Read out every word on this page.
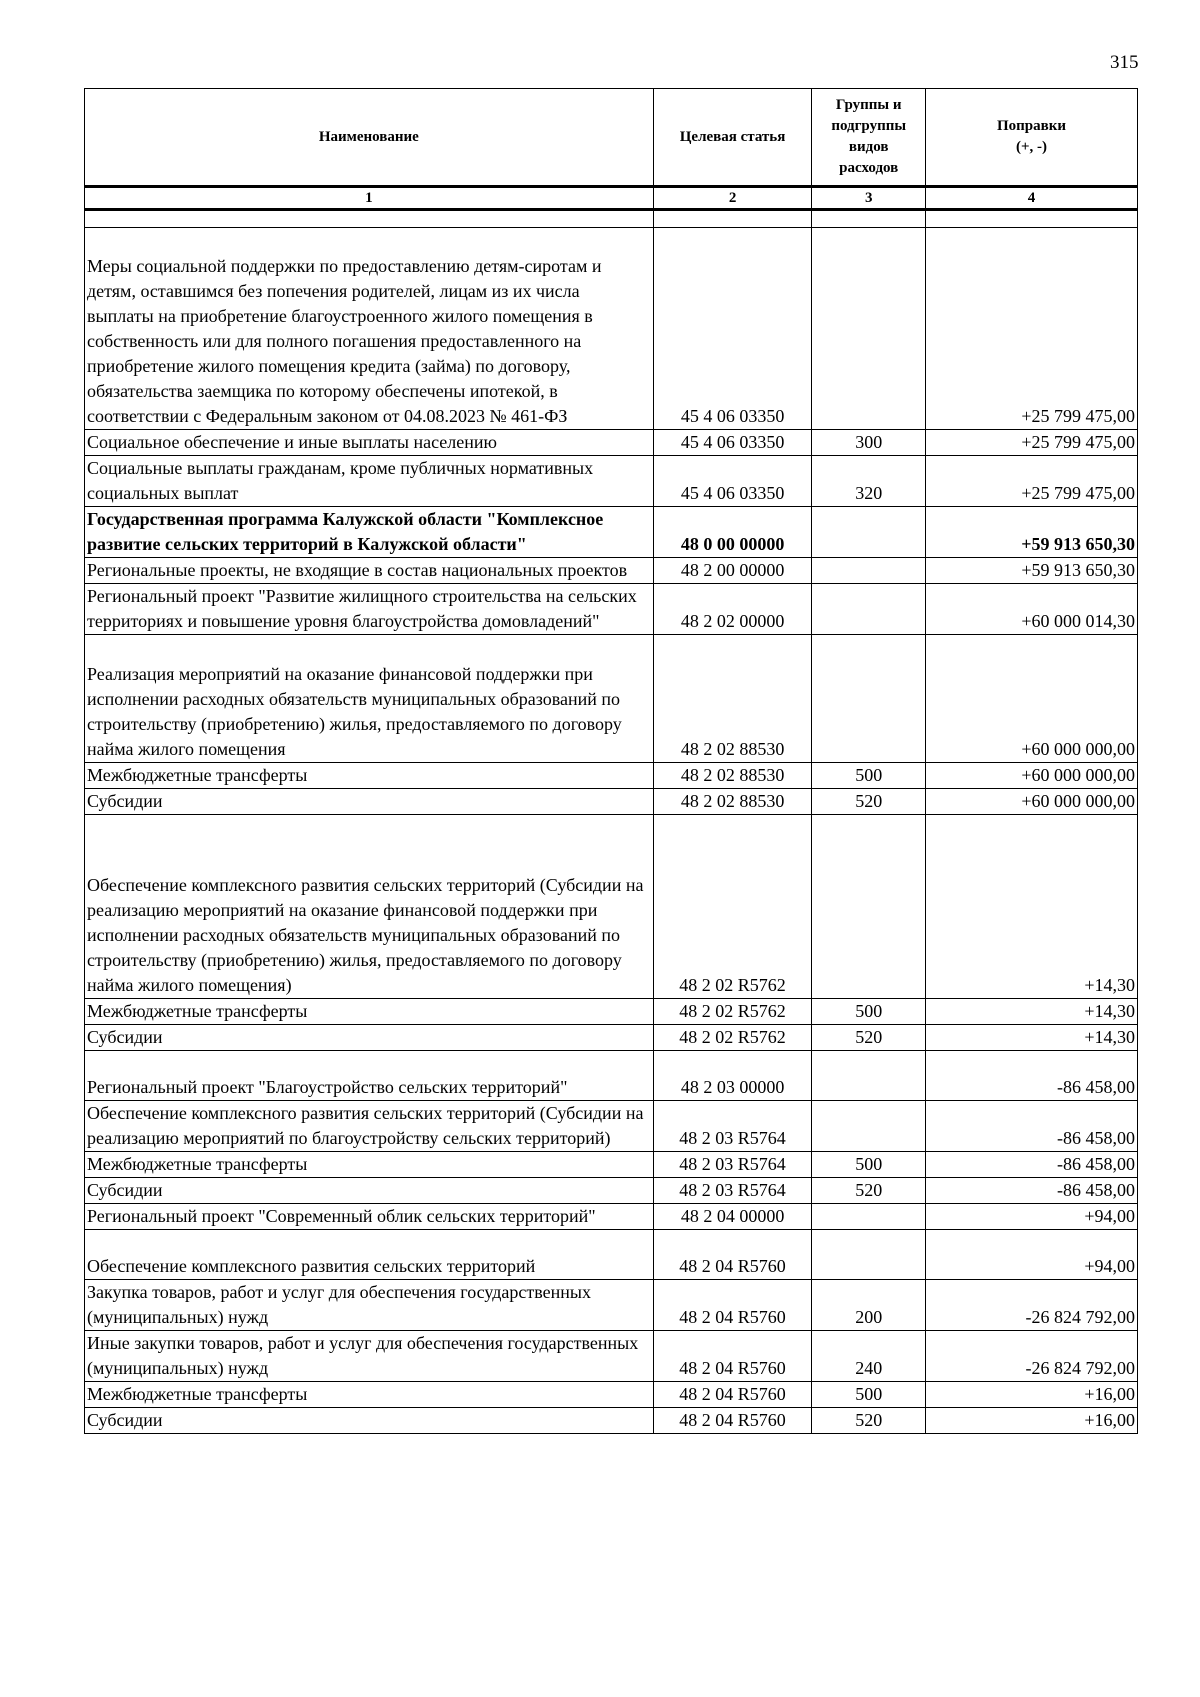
315
Наименование	Целевая статья	Группы и подгруппы видов расходов	Поправки
(+, -)

1	2	3	4

Меры социальной поддержки по предоставлению детям-сиротам и детям, оставшимся без попечения родителей, лицам из их числа выплаты на приобретение благоустроенного жилого помещения в собственность или для полного погашения предоставленного на приобретение жилого помещения кредита (займа) по договору, обязательства заемщика по которому обеспечены ипотекой, в соответствии с Федеральным законом от 04.08.2023 № 461-ФЗ	45 4 06 03350		+25 799 475,00
Социальное обеспечение и иные выплаты населению	45 4 06 03350	300	+25 799 475,00
Социальные выплаты гражданам, кроме публичных нормативных социальных выплат	45 4 06 03350	320	+25 799 475,00
Государственная программа Калужской области "Комплексное развитие сельских территорий в Калужской области"	48 0 00 00000		+59 913 650,30
Региональные проекты, не входящие в состав национальных проектов	48 2 00 00000		+59 913 650,30
Региональный проект "Развитие жилищного строительства на сельских территориях и повышение уровня благоустройства домовладений"	48 2 02 00000		+60 000 014,30
Реализация мероприятий на оказание финансовой поддержки при исполнении расходных обязательств муниципальных образований по строительству (приобретению) жилья, предоставляемого по договору найма жилого помещения	48 2 02 88530		+60 000 000,00
Межбюджетные трансферты	48 2 02 88530	500	+60 000 000,00
Субсидии	48 2 02 88530	520	+60 000 000,00
Обеспечение комплексного развития сельских территорий (Субсидии на реализацию мероприятий на оказание финансовой поддержки при исполнении расходных обязательств муниципальных образований по строительству (приобретению) жилья, предоставляемого по договору найма жилого помещения)	48 2 02 R5762		+14,30
Межбюджетные трансферты	48 2 02 R5762	500	+14,30
Субсидии	48 2 02 R5762	520	+14,30
Региональный проект "Благоустройство сельских территорий"	48 2 03 00000		-86 458,00
Обеспечение комплексного развития сельских территорий (Субсидии на реализацию мероприятий по благоустройству сельских территорий)	48 2 03 R5764		-86 458,00
Межбюджетные трансферты	48 2 03 R5764	500	-86 458,00
Субсидии	48 2 03 R5764	520	-86 458,00
Региональный проект "Современный облик сельских территорий"	48 2 04 00000		+94,00
Обеспечение комплексного развития сельских территорий	48 2 04 R5760		+94,00
Закупка товаров, работ и услуг для обеспечения государственных (муниципальных) нужд	48 2 04 R5760	200	-26 824 792,00
Иные закупки товаров, работ и услуг для обеспечения государственных (муниципальных) нужд	48 2 04 R5760	240	-26 824 792,00
Межбюджетные трансферты	48 2 04 R5760	500	+16,00
Субсидии	48 2 04 R5760	520	+16,00
